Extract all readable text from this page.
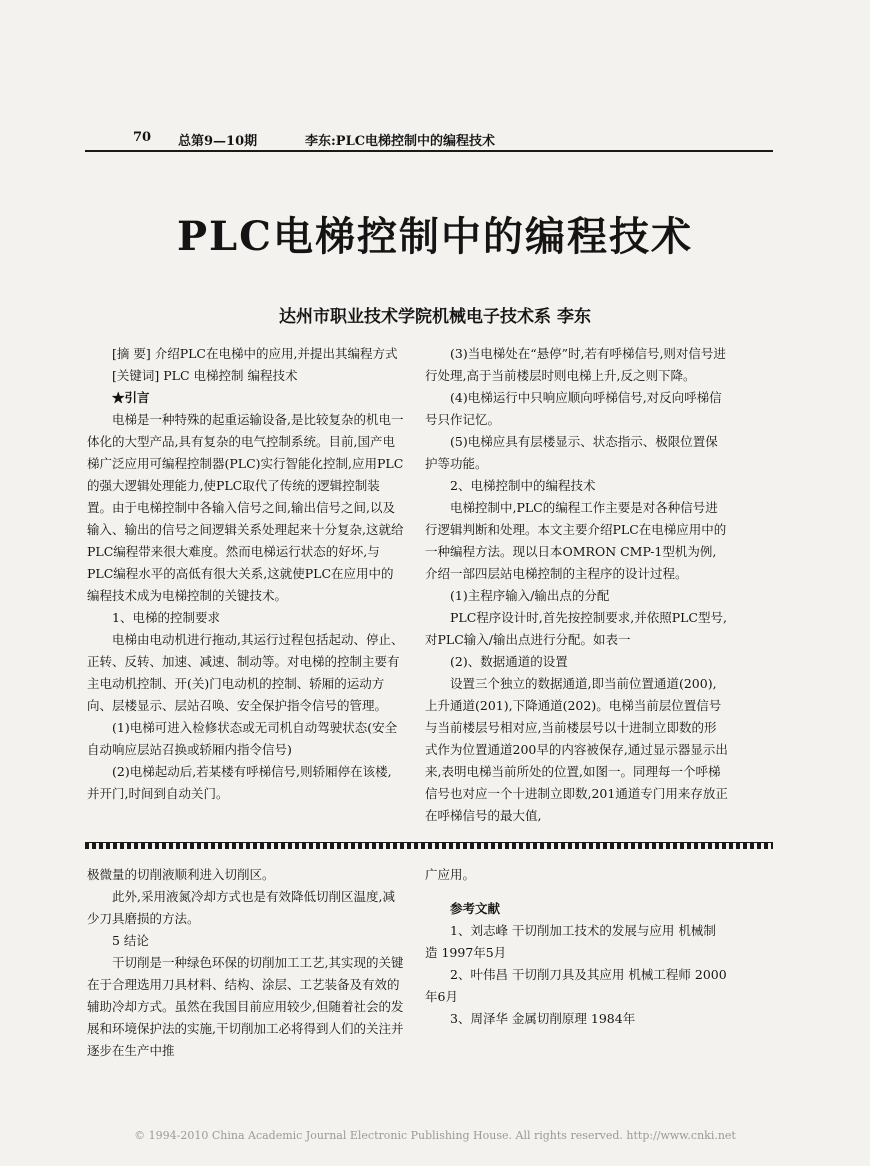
70 总第9—10期	李东:PLC电梯控制中的编程技术
PLC电梯控制中的编程技术
达州市职业技术学院机械电子技术系 李东

[摘 要] 介绍PLC在电梯中的应用,并提出其编程方式

[关键词] PLC 电梯控制 编程技术

★引言

电梯是一种特殊的起重运输设备,是比较复杂的机电一体化的大型产品,具有复杂的电气控制系统。目前,国产电梯广泛应用可编程控制器(PLC)实行智能化控制,应用PLC的强大逻辑处理能力,使PLC取代了传统的逻辑控制装置。由于电梯控制中各输入信号之间,输出信号之间,以及输入、输出的信号之间逻辑关系处理起来十分复杂,这就给PLC编程带来很大难度。然而电梯运行状态的好坏,与PLC编程水平的高低有很大关系,这就使PLC在应用中的编程技术成为电梯控制的关键技术。

1、电梯的控制要求

电梯由电动机进行拖动,其运行过程包括起动、停止、正转、反转、加速、减速、制动等。对电梯的控制主要有主电动机控制、开(关)门电动机的控制、轿厢的运动方向、层楼显示、层站召唤、安全保护指令信号的管理。

(1)电梯可进入检修状态或无司机自动驾驶状态(安全自动响应层站召换或轿厢内指令信号)

(2)电梯起动后,若某楼有呼梯信号,则轿厢停在该楼,并开门,时间到自动关门。

(3)当电梯处在“悬停”时,若有呼梯信号,则对信号进行处理,高于当前楼层时则电梯上升,反之则下降。

(4)电梯运行中只响应顺向呼梯信号,对反向呼梯信号只作记忆。

(5)电梯应具有层楼显示、状态指示、极限位置保护等功能。

2、电梯控制中的编程技术

电梯控制中,PLC的编程工作主要是对各种信号进行逻辑判断和处理。本文主要介绍PLC在电梯应用中的一种编程方法。现以日本OMRON CMP-1型机为例,介绍一部四层站电梯控制的主程序的设计过程。

(1)主程序输入/输出点的分配

PLC程序设计时,首先按控制要求,并依照PLC型号,对PLC输入/输出点进行分配。如表一

(2)、数据通道的设置

设置三个独立的数据通道,即当前位置通道(200),上升通道(201),下降通道(202)。电梯当前层位置信号与当前楼层号相对应,当前楼层号以十进制立即数的形式作为位置通道200早的内容被保存,通过显示器显示出来,表明电梯当前所处的位置,如图一。同理每一个呼梯信号也对应一个十进制立即数,201通道专门用来存放正在呼梯信号的最大值,

极微量的切削液顺利进入切削区。

此外,采用液氮冷却方式也是有效降低切削区温度,减少刀具磨损的方法。

5 结论

干切削是一种绿色环保的切削加工工艺,其实现的关键在于合理选用刀具材料、结构、涂层、工艺装备及有效的辅助冷却方式。虽然在我国目前应用较少,但随着社会的发展和环境保护法的实施,干切削加工必将得到人们的关注并逐步在生产中推

广应用。

参考文献

1、刘志峰 干切削加工技术的发展与应用 机械制造 1997年5月

2、叶伟昌 干切削刀具及其应用 机械工程师 2000年6月

3、周泽华 金属切削原理 1984年

© 1994-2010 China Academic Journal Electronic Publishing House. All rights reserved. http://www.cnki.net
